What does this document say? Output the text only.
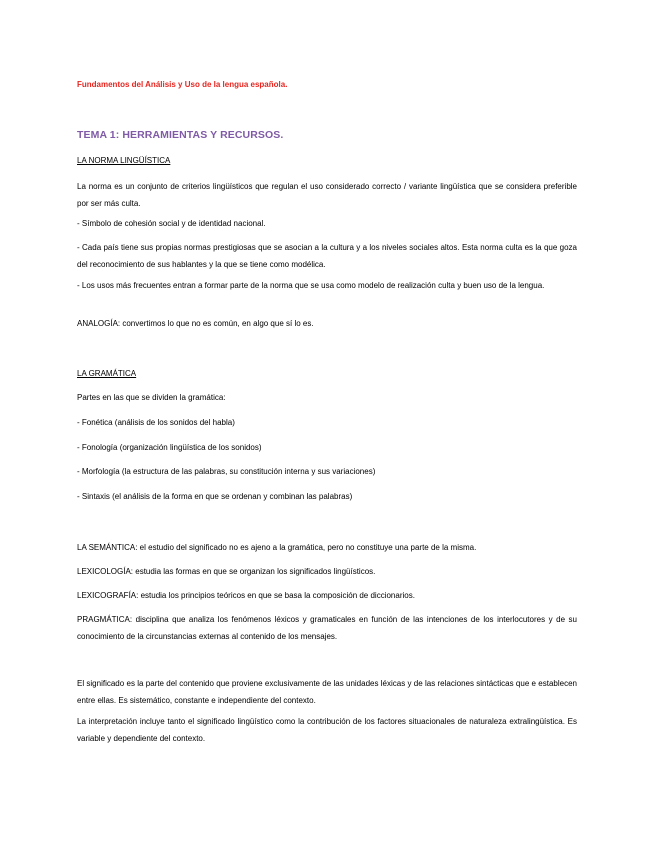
Fundamentos del Análisis y Uso de la lengua española.

TEMA 1: HERRAMIENTAS Y RECURSOS.

LA NORMA LINGÜÍSTICA

La norma es un conjunto de criterios lingüísticos que regulan el uso considerado correcto / variante lingüística que se considera preferible por ser más culta.

- Símbolo de cohesión social y de identidad nacional.

- Cada país tiene sus propias normas prestigiosas que se asocian a la cultura y a los niveles sociales altos. Esta norma culta es la que goza del reconocimiento de sus hablantes y la que se tiene como modélica.

- Los usos más frecuentes entran a formar parte de la norma que se usa como modelo de realización culta y buen uso de la lengua.

ANALOGÍA: convertimos lo que no es común, en algo que sí lo es.

LA GRAMÁTICA

Partes en las que se dividen la gramática:

- Fonética (análisis de los sonidos del habla)

- Fonología (organización lingüística de los sonidos)

- Morfología (la estructura de las palabras, su constitución interna y sus variaciones)

- Sintaxis (el análisis de la forma en que se ordenan y combinan las palabras)

LA SEMÁNTICA: el estudio del significado no es ajeno a la gramática, pero no constituye una parte de la misma.

LEXICOLOGÍA: estudia las formas en que se organizan los significados lingüísticos.

LEXICOGRAFÍA: estudia los principios teóricos en que se basa la composición de diccionarios.

PRAGMÁTICA: disciplina que analiza los fenómenos léxicos y gramaticales en función de las intenciones de los interlocutores y de su conocimiento de la circunstancias externas al contenido de los mensajes.

El significado es la parte del contenido que proviene exclusivamente de las unidades léxicas y de las relaciones sintácticas que e establecen entre ellas. Es sistemático, constante e independiente del contexto.

La interpretación incluye tanto el significado lingüístico como la contribución de los factores situacionales de naturaleza extralingüística. Es variable y dependiente del contexto.
